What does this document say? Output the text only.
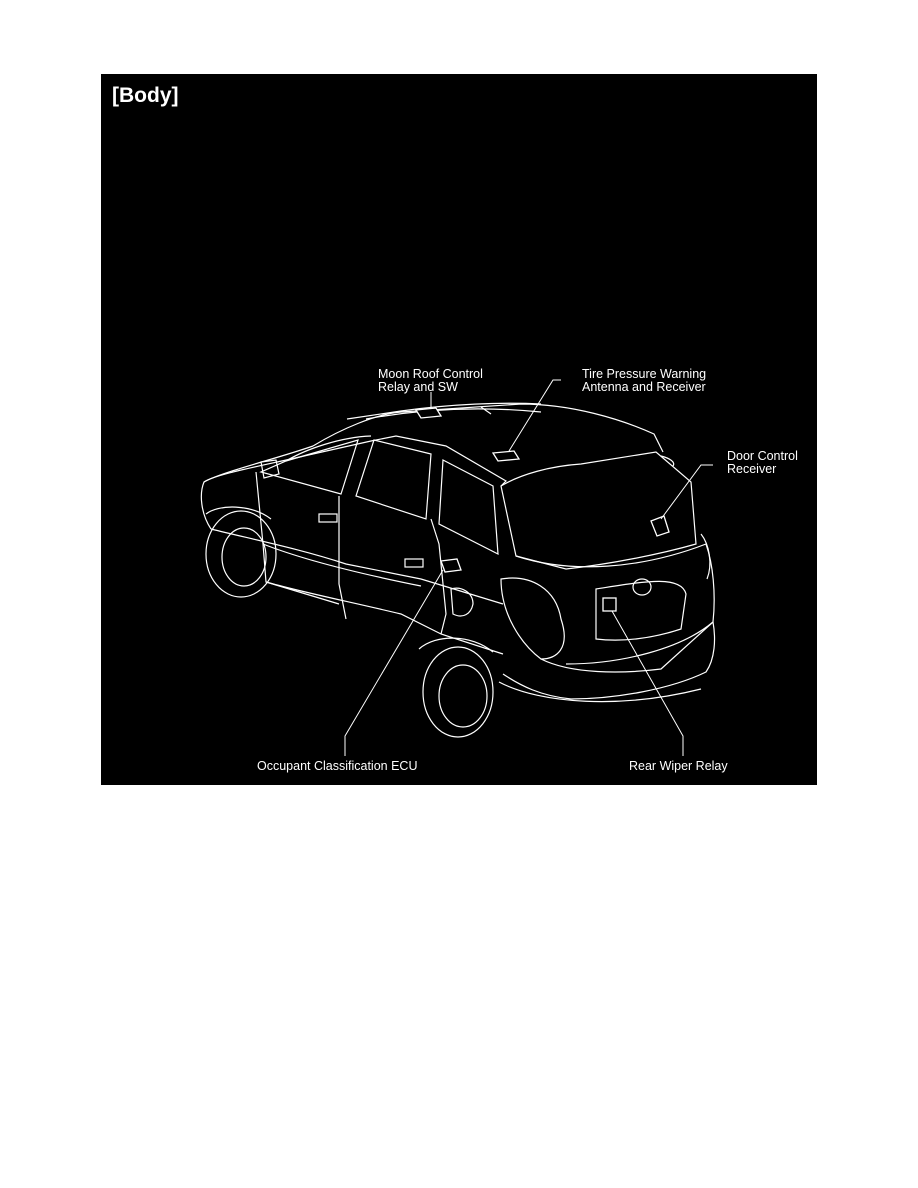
[Body]
Moon Roof Control
Relay and SW
Tire Pressure Warning
Antenna and Receiver
Door Control
Receiver
Occupant Classification ECU	Rear Wiper Relay
